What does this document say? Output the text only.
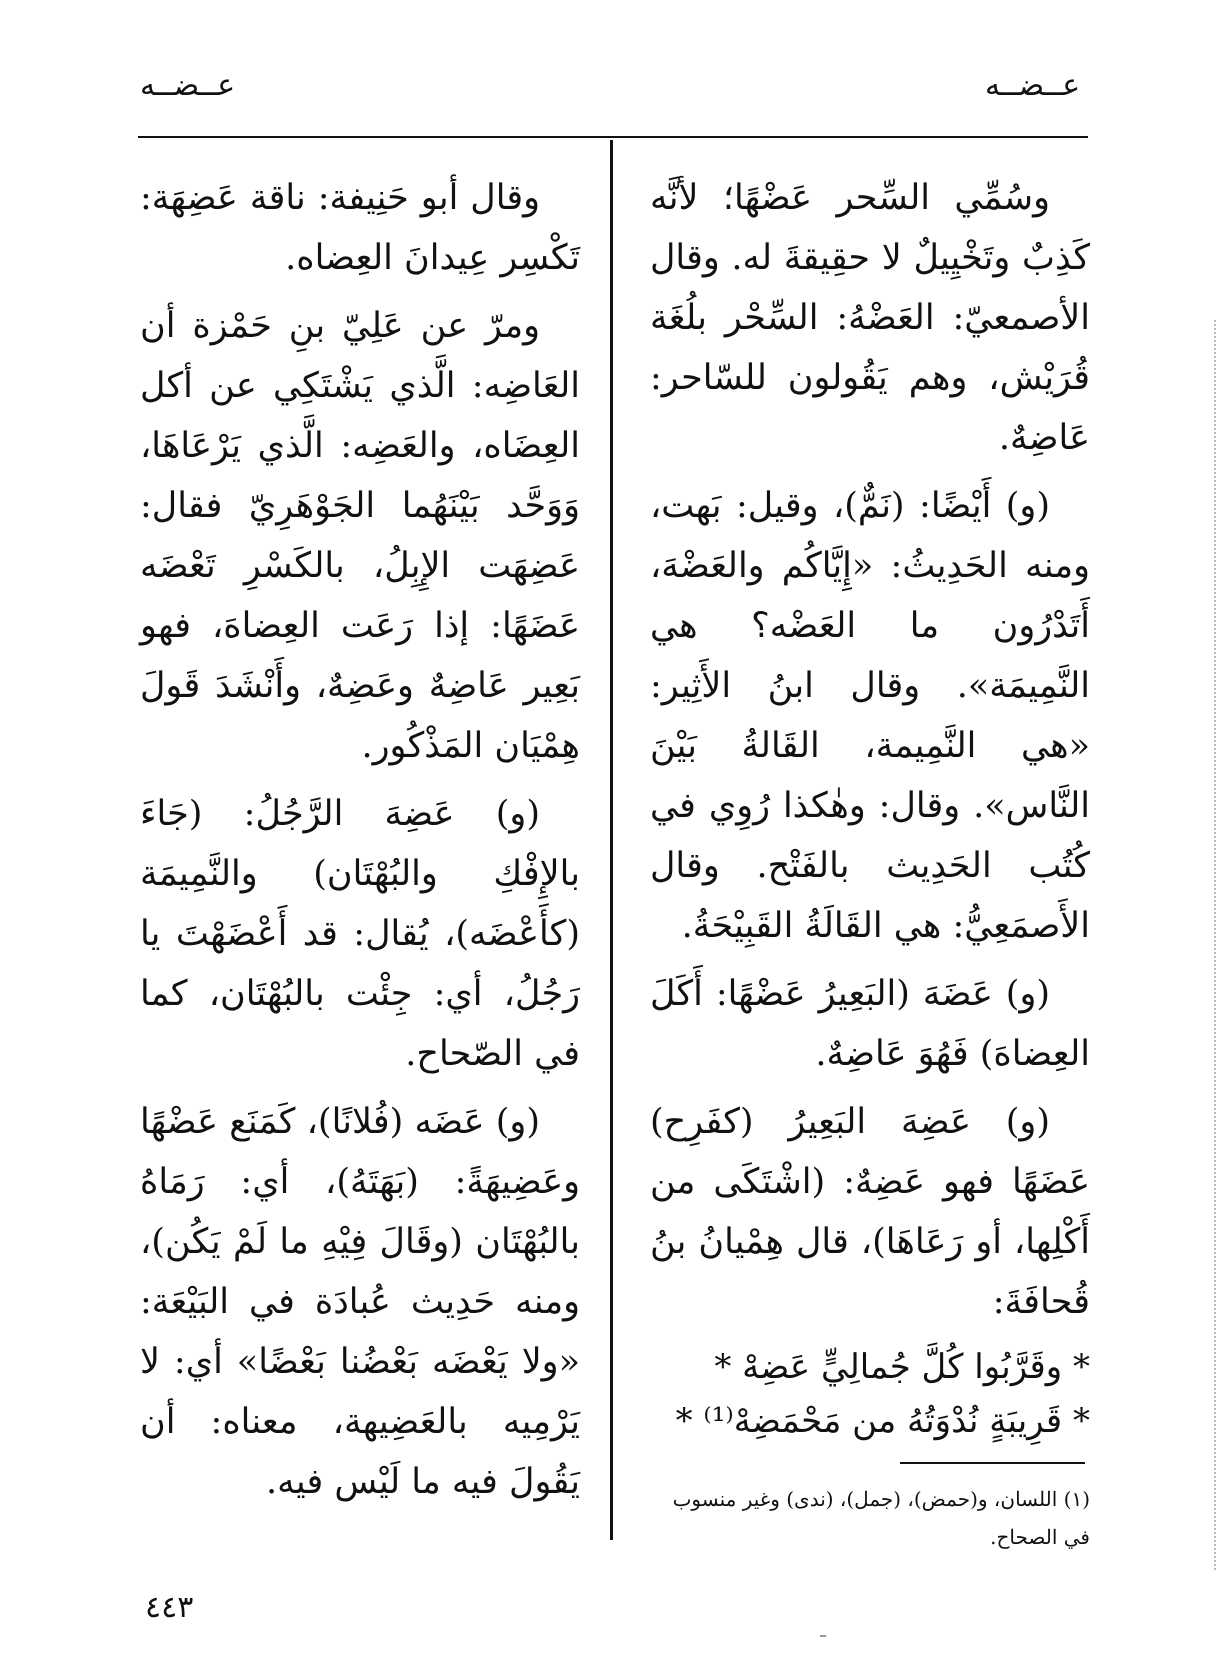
عــضــه
عــضــه

وسُمِّي السِّحر عَضْهًا؛ لأنَّه كَذِبٌ وتَخْيِيلٌ لا حقِيقةَ له. وقال الأصمعيّ: العَضْهُ: السِّحْر بلُغَة قُرَيْش، وهم يَقُولون للسّاحر: عَاضِهٌ.

(و) أَيْضًا: (نَمٌّ)، وقيل: بَهت، ومنه الحَدِيثُ: «إِيَّاكُم والعَضْهَ، أَتَدْرُون ما العَضْه؟ هي النَّمِيمَة». وقال ابنُ الأَثِير: «هي النَّمِيمة، القَالةُ بَيْنَ النَّاس». وقال: وهٰكذا رُوِي في كُتُب الحَدِيث بالفَتْح. وقال الأَصمَعِيُّ: هي القَالَةُ القَبِيْحَةُ.

(و) عَضَهَ (البَعِيرُ عَضْهًا: أَكَلَ العِضاهَ) فَهُوَ عَاضِهٌ.

(و) عَضِهَ البَعِيرُ (كفَرِح) عَضَهًا فهو عَضِهٌ: (اشْتَكَى من أَكْلِها، أو رَعَاهَا)، قال هِمْيانُ بنُ قُحافَةَ:

* وقَرَّبُوا كُلَّ جُمالِيٍّ عَضِهْ *

* قَرِيبَةٍ نُدْوَتُهُ من مَحْمَضِهْ⁽¹⁾ *

وقال أبو حَنِيفة: ناقة عَضِهَة: تَكْسِر عِيدانَ العِضاه.

ومرّ عن عَلِيّ بنِ حَمْزة أن العَاضِه: الَّذي يَشْتَكِي عن أكل العِضَاه، والعَضِه: الَّذي يَرْعَاهَا، وَوَحَّد بَيْنَهُما الجَوْهَرِيّ فقال: عَضِهَت الإِبِلُ، بالكَسْرِ تَعْضَه عَضَهًا: إذا رَعَت العِضاهَ، فهو بَعِير عَاضِهٌ وعَضِهٌ، وأَنْشَدَ قَولَ هِمْيَان المَذْكُور.

(و) عَضِهَ الرَّجُلُ: (جَاءَ بالإِفْكِ والبُهْتَان) والنَّمِيمَة (كأَعْضَه)، يُقال: قد أَعْضَهْتَ يا رَجُلُ، أي: جِئْت بالبُهْتَان، كما في الصّحاح.

(و) عَضَه (فُلانًا)، كَمَنَع عَضْهًا وعَضِيهَةً: (بَهَتَهُ)، أي: رَمَاهُ بالبُهْتَان (وقَالَ فِيْهِ ما لَمْ يَكُن)، ومنه حَدِيث عُبادَة في البَيْعَة: «ولا يَعْضَه بَعْضُنا بَعْضًا» أي: لا يَرْمِيه بالعَضِيهة، معناه: أن يَقُولَ فيه ما لَيْس فيه.	(١) اللسان، و(حمض)، (جمل)، (ندى) وغير منسوب في الصحاح.
٤٤٣
